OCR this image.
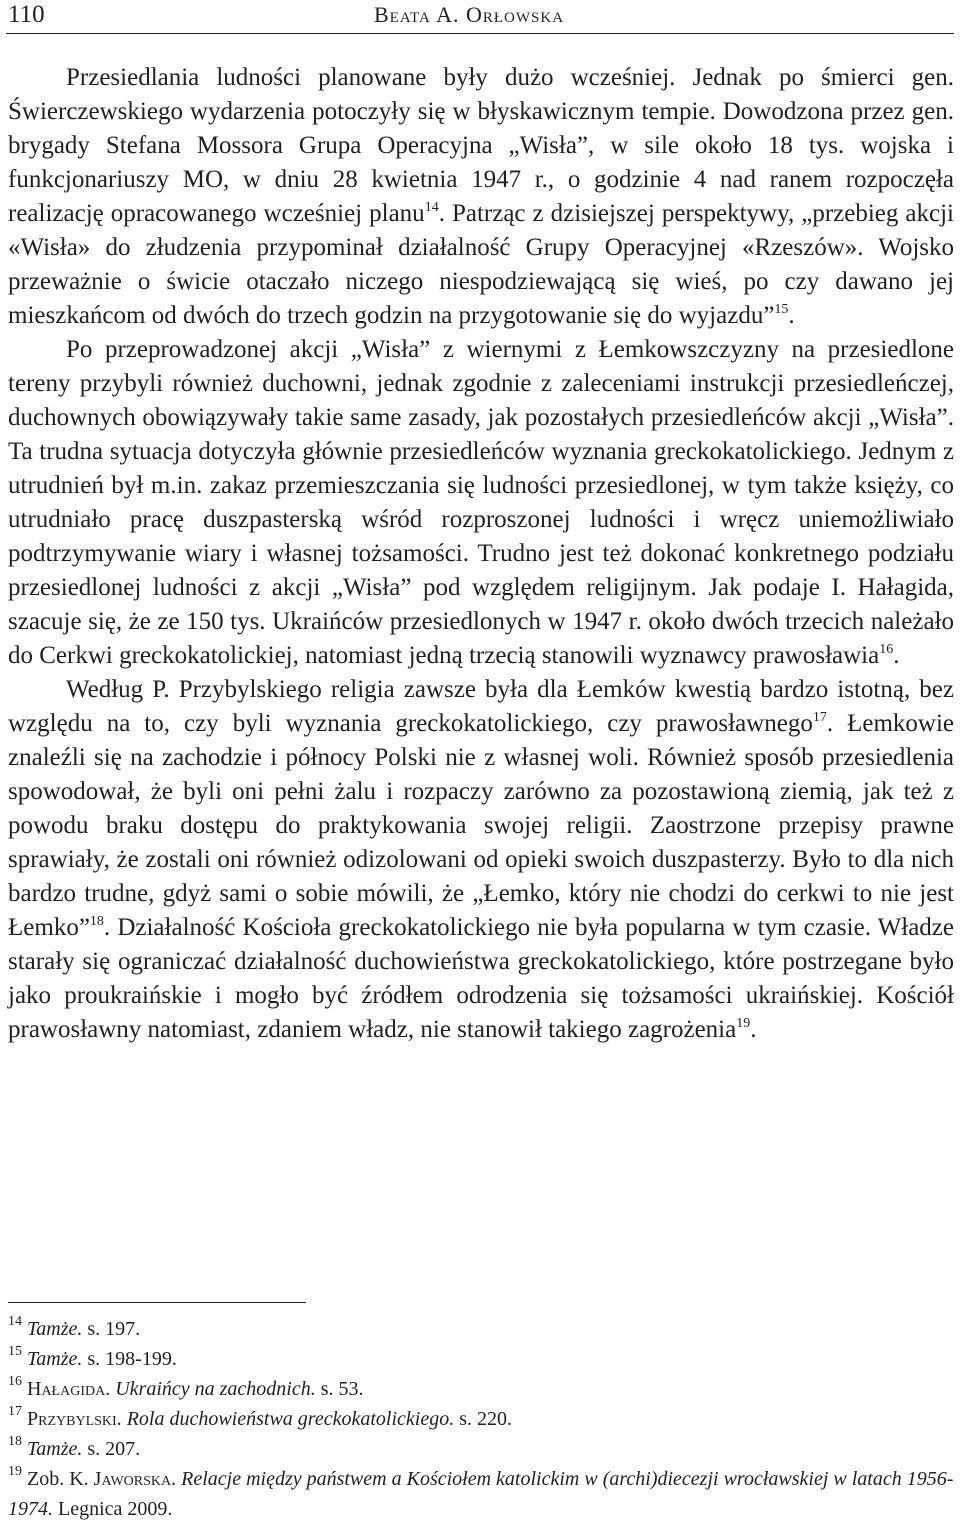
110	Beata A. Orłowska

Przesiedlania ludności planowane były dużo wcześniej. Jednak po śmierci gen. Świerczewskiego wydarzenia potoczyły się w błyskawicznym tempie. Dowodzona przez gen. brygady Stefana Mossora Grupa Operacyjna „Wisła”, w sile około 18 tys. wojska i funkcjonariuszy MO, w dniu 28 kwietnia 1947 r., o godzinie 4 nad ranem rozpoczęła realizację opracowanego wcześniej planu$^{14}$. Patrząc z dzisiejszej perspektywy, „przebieg akcji «Wisła» do złudzenia przypominał działalność Grupy Operacyjnej «Rzeszów». Wojsko przeważnie o świcie otaczało niczego niespodziewającą się wieś, po czy dawano jej mieszkańcom od dwóch do trzech godzin na przygotowanie się do wyjazdu”$^{15}$.

Po przeprowadzonej akcji „Wisła” z wiernymi z Łemkowszczyzny na przesiedlone tereny przybyli również duchowni, jednak zgodnie z zaleceniami instrukcji przesiedleńczej, duchownych obowiązywały takie same zasady, jak pozostałych przesiedleńców akcji „Wisła”. Ta trudna sytuacja dotyczyła głównie przesiedleńców wyznania greckokatolickiego. Jednym z utrudnień był m.in. zakaz przemieszczania się ludności przesiedlonej, w tym także księży, co utrudniało pracę duszpasterską wśród rozproszonej ludności i wręcz uniemożliwiało podtrzymywanie wiary i własnej tożsamości. Trudno jest też dokonać konkretnego podziału przesiedlonej ludności z akcji „Wisła” pod względem religijnym. Jak podaje I. Hałagida, szacuje się, że ze 150 tys. Ukraińców przesiedlonych w 1947 r. około dwóch trzecich należało do Cerkwi greckokatolickiej, natomiast jedną trzecią stanowili wyznawcy prawosławia$^{16}$.

Według P. Przybylskiego religia zawsze była dla Łemków kwestią bardzo istotną, bez względu na to, czy byli wyznania greckokatolickiego, czy prawosławnego$^{17}$. Łemkowie znaleźli się na zachodzie i północy Polski nie z własnej woli. Również sposób przesiedlenia spowodował, że byli oni pełni żalu i rozpaczy zarówno za pozostawioną ziemią, jak też z powodu braku dostępu do praktykowania swojej religii. Zaostrzone przepisy prawne sprawiały, że zostali oni również odizolowani od opieki swoich duszpasterzy. Było to dla nich bardzo trudne, gdyż sami o sobie mówili, że „Łemko, który nie chodzi do cerkwi to nie jest Łemko”$^{18}$. Działalność Kościoła greckokatolickiego nie była popularna w tym czasie. Władze starały się ograniczać działalność duchowieństwa greckokatolickiego, które postrzegane było jako proukraińskie i mogło być źródłem odrodzenia się tożsamości ukraińskiej. Kościół prawosławny natomiast, zdaniem władz, nie stanowił takiego zagrożenia$^{19}$.

$^{14}$ Tamże. s. 197.

$^{15}$ Tamże. s. 198-199.

$^{16}$ Hałagida. Ukraińcy na zachodnich. s. 53.

$^{17}$ Przybylski. Rola duchowieństwa greckokatolickiego. s. 220.

$^{18}$ Tamże. s. 207.

$^{19}$ Zob. K. Jaworska. Relacje między państwem a Kościołem katolickim w (archi)diecezji wrocławskiej w latach 1956-1974. Legnica 2009.
